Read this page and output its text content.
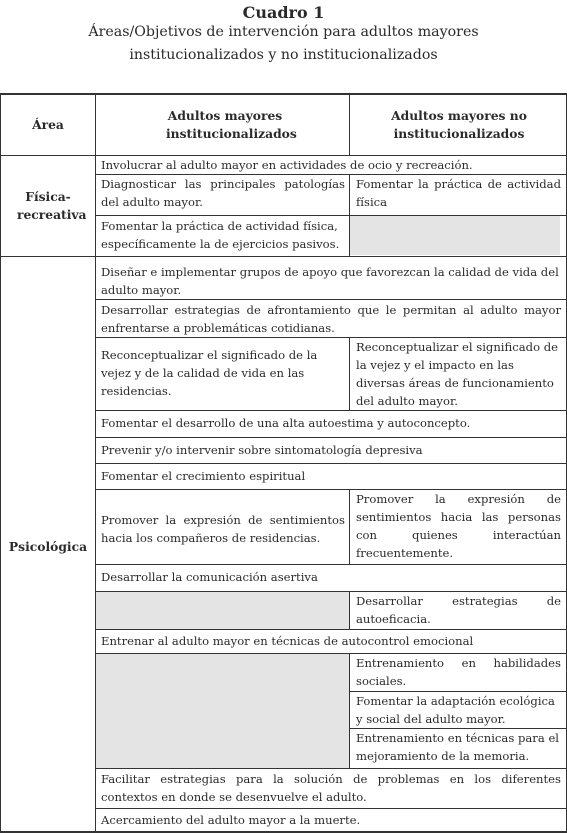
Cuadro 1
Áreas/Objetivos de intervención para adultos mayores
institucionalizados y no institucionalizados
Área
Adultos mayores institucionalizados
Adultos mayores no institucionalizados
Física-recreativa
Psicológica
Involucrar al adulto mayor en actividades de ocio y recreación.
Diagnosticar las principales patologías del adulto mayor.
Fomentar la práctica de actividad física
Fomentar la práctica de actividad física, específicamente la de ejercicios pasivos.
Diseñar e implementar grupos de apoyo que favorezcan la calidad de vida del adulto mayor.
Desarrollar estrategias de afrontamiento que le permitan al adulto mayor enfrentarse a problemáticas cotidianas.
Reconceptualizar el significado de la vejez y de la calidad de vida en las residencias.
Reconceptualizar el significado de la vejez y el impacto en las diversas áreas de funcionamiento del adulto mayor.
Fomentar el desarrollo de una alta autoestima y autoconcepto.
Prevenir y/o intervenir sobre sintomatología depresiva
Fomentar el crecimiento espiritual
Promover la expresión de sentimientos hacia los compañeros de residencias.
Promover la expresión de sentimientos hacia las personas con quienes interactúan frecuentemente.
Desarrollar la comunicación asertiva
Desarrollar estrategias de autoeficacia.
Entrenar al adulto mayor en técnicas de autocontrol emocional
Entrenamiento en habilidades sociales.
Fomentar la adaptación ecológica y social del adulto mayor.
Entrenamiento en técnicas para el mejoramiento de la memoria.
Facilitar estrategias para la solución de problemas en los diferentes contextos en donde se desenvuelve el adulto.
Acercamiento del adulto mayor a la muerte.
